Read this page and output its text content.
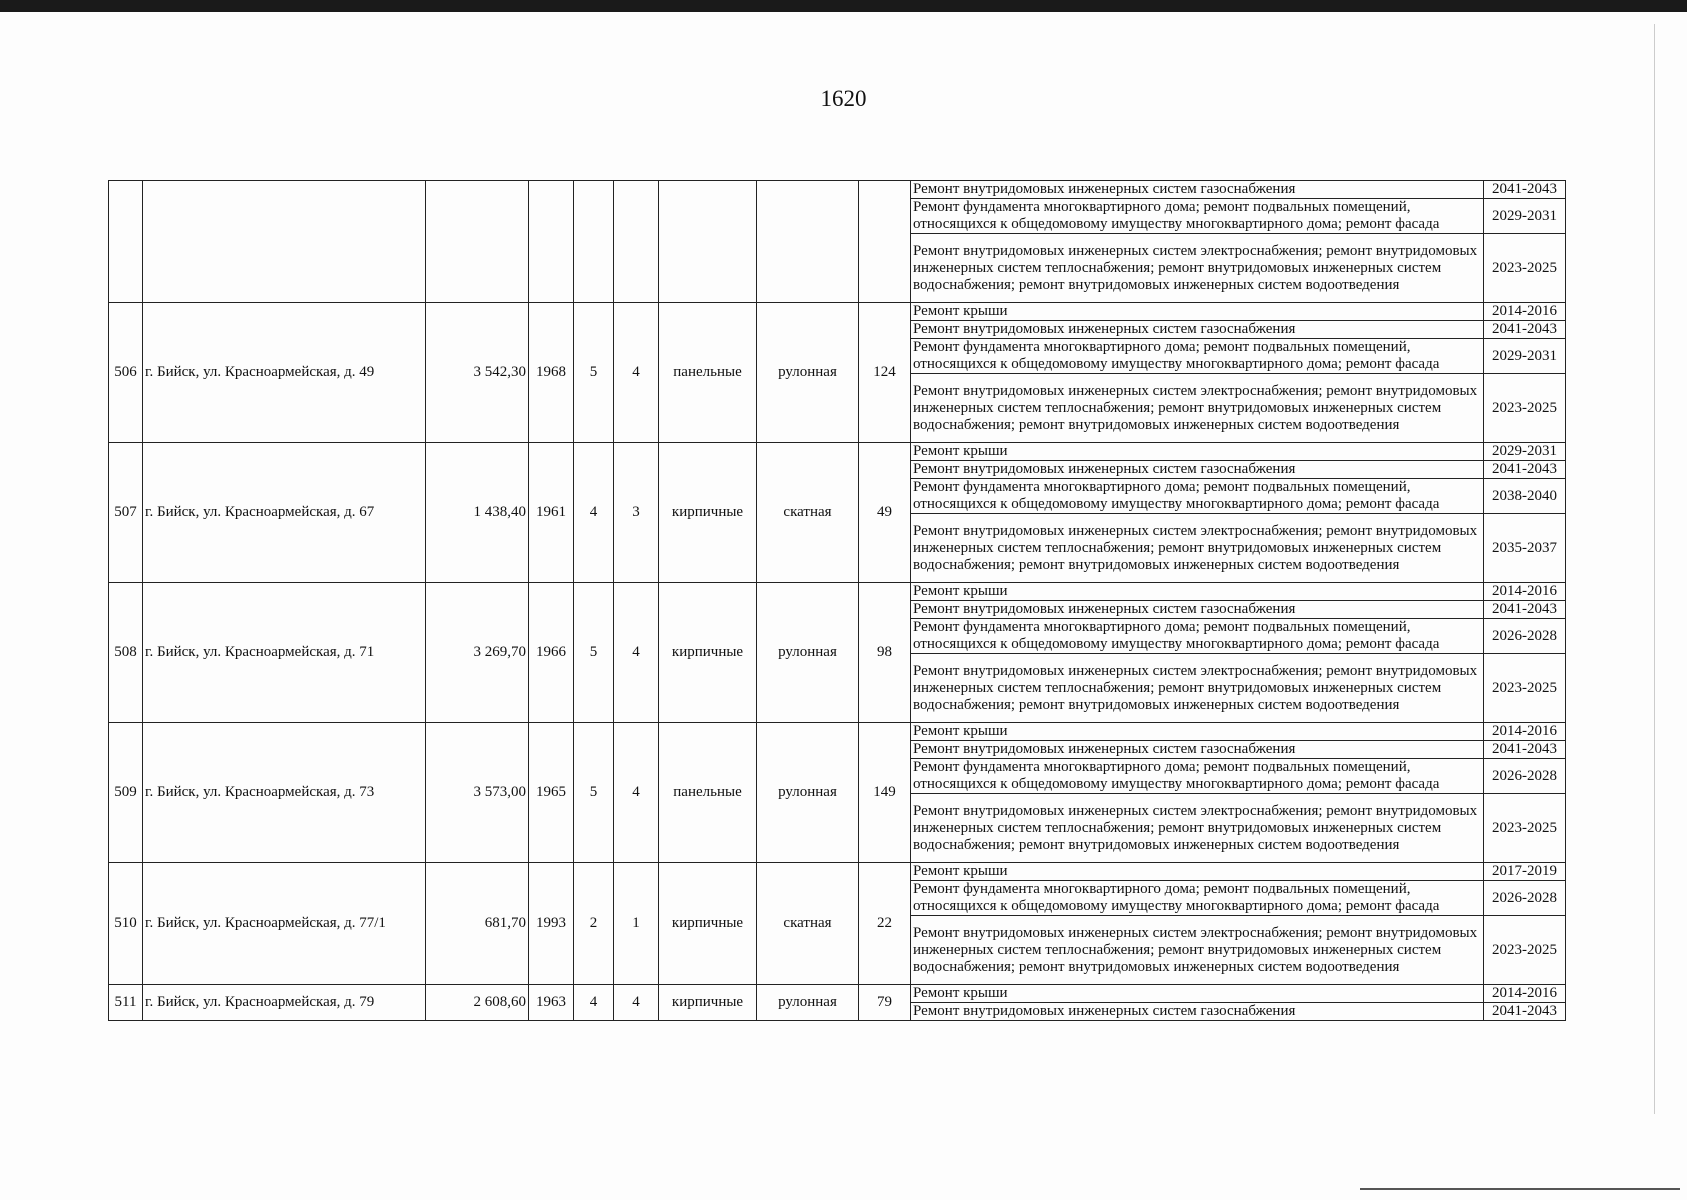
1620
									Ремонт внутридомовых инженерных систем газоснабжения	2041-2043
									Ремонт фундамента многоквартирного дома; ремонт подвальных помещений, относящихся к общедомовому имуществу многоквартирного дома; ремонт фасада	2029-2031
									Ремонт внутридомовых инженерных систем электроснабжения; ремонт внутридомовых инженерных систем теплоснабжения; ремонт внутридомовых инженерных систем водоснабжения; ремонт внутридомовых инженерных систем водоотведения	2023-2025
506	г. Бийск, ул. Красноармейская, д. 49	3 542,30	1968	5	4	панельные	рулонная	124	Ремонт крыши	2014-2016
									Ремонт внутридомовых инженерных систем газоснабжения	2041-2043
									Ремонт фундамента многоквартирного дома; ремонт подвальных помещений, относящихся к общедомовому имуществу многоквартирного дома; ремонт фасада	2029-2031
									Ремонт внутридомовых инженерных систем электроснабжения; ремонт внутридомовых инженерных систем теплоснабжения; ремонт внутридомовых инженерных систем водоснабжения; ремонт внутридомовых инженерных систем водоотведения	2023-2025
507	г. Бийск, ул. Красноармейская, д. 67	1 438,40	1961	4	3	кирпичные	скатная	49	Ремонт крыши	2029-2031
									Ремонт внутридомовых инженерных систем газоснабжения	2041-2043
									Ремонт фундамента многоквартирного дома; ремонт подвальных помещений, относящихся к общедомовому имуществу многоквартирного дома; ремонт фасада	2038-2040
									Ремонт внутридомовых инженерных систем электроснабжения; ремонт внутридомовых инженерных систем теплоснабжения; ремонт внутридомовых инженерных систем водоснабжения; ремонт внутридомовых инженерных систем водоотведения	2035-2037
508	г. Бийск, ул. Красноармейская, д. 71	3 269,70	1966	5	4	кирпичные	рулонная	98	Ремонт крыши	2014-2016
									Ремонт внутридомовых инженерных систем газоснабжения	2041-2043
									Ремонт фундамента многоквартирного дома; ремонт подвальных помещений, относящихся к общедомовому имуществу многоквартирного дома; ремонт фасада	2026-2028
									Ремонт внутридомовых инженерных систем электроснабжения; ремонт внутридомовых инженерных систем теплоснабжения; ремонт внутридомовых инженерных систем водоснабжения; ремонт внутридомовых инженерных систем водоотведения	2023-2025
509	г. Бийск, ул. Красноармейская, д. 73	3 573,00	1965	5	4	панельные	рулонная	149	Ремонт крыши	2014-2016
									Ремонт внутридомовых инженерных систем газоснабжения	2041-2043
									Ремонт фундамента многоквартирного дома; ремонт подвальных помещений, относящихся к общедомовому имуществу многоквартирного дома; ремонт фасада	2026-2028
									Ремонт внутридомовых инженерных систем электроснабжения; ремонт внутридомовых инженерных систем теплоснабжения; ремонт внутридомовых инженерных систем водоснабжения; ремонт внутридомовых инженерных систем водоотведения	2023-2025
510	г. Бийск, ул. Красноармейская, д. 77/1	681,70	1993	2	1	кирпичные	скатная	22	Ремонт крыши	2017-2019
									Ремонт фундамента многоквартирного дома; ремонт подвальных помещений, относящихся к общедомовому имуществу многоквартирного дома; ремонт фасада	2026-2028
									Ремонт внутридомовых инженерных систем электроснабжения; ремонт внутридомовых инженерных систем теплоснабжения; ремонт внутридомовых инженерных систем водоснабжения; ремонт внутридомовых инженерных систем водоотведения	2023-2025
511	г. Бийск, ул. Красноармейская, д. 79	2 608,60	1963	4	4	кирпичные	рулонная	79	Ремонт крыши	2014-2016
									Ремонт внутридомовых инженерных систем газоснабжения	2041-2043
